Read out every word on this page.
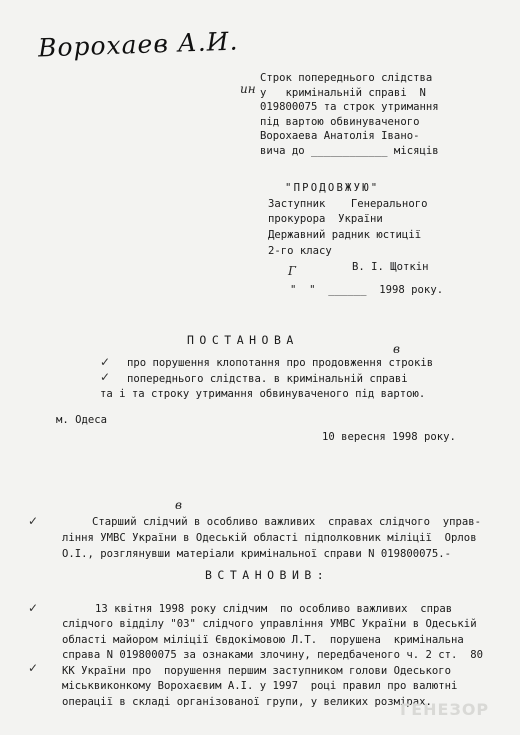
Ворохаев А.И.
Строк попереднього слідства
у   кримінальній справі  N
019800075 та строк утримання
під вартою обвинуваченого
Ворохаева Анатолія Іванo-
вича до ____________ місяців
ин
"ПРОДОВЖУЮ"
Заступник    Генерального
прокурора  України
Державний радник юстиції
2-го класу
В. І. Щоткін
"  "  ______  1998 року.
Г
ПОСТАНОВА
про порушення клопотання про продовження строків
попереднього слідства. в кримінальній справі
та і та строку утримання обвинуваченого під вартою.
✓
✓
в
м. Одеса
10 вересня 1998 року.
Старший слідчий в особливо важливих  справах слідчого  управ-
ління УМВС України в Одеській області підполковник міліції  Орлов
О.І., розглянувши матеріали кримінальної справи N 019800075.-
✓
в
ВСТАНОВИВ:
13 квітня 1998 року слідчим  по особливо важливих  справ
слідчого відділу "03" слідчого управління УМВС України в Одеській
області майором міліції Євдокімовою Л.Т.  порушена  кримінальна
справа N 019800075 за ознаками злочину, передбаченого ч. 2 ст.  80
КК України про  порушення першим заступником голови Одеського
міськвиконкому Ворохаєвим А.І. у 1997  році правил про валютні
операції в складі організованої групи, у великих розмірах.
✓
✓
ГЕНЕЗОР
